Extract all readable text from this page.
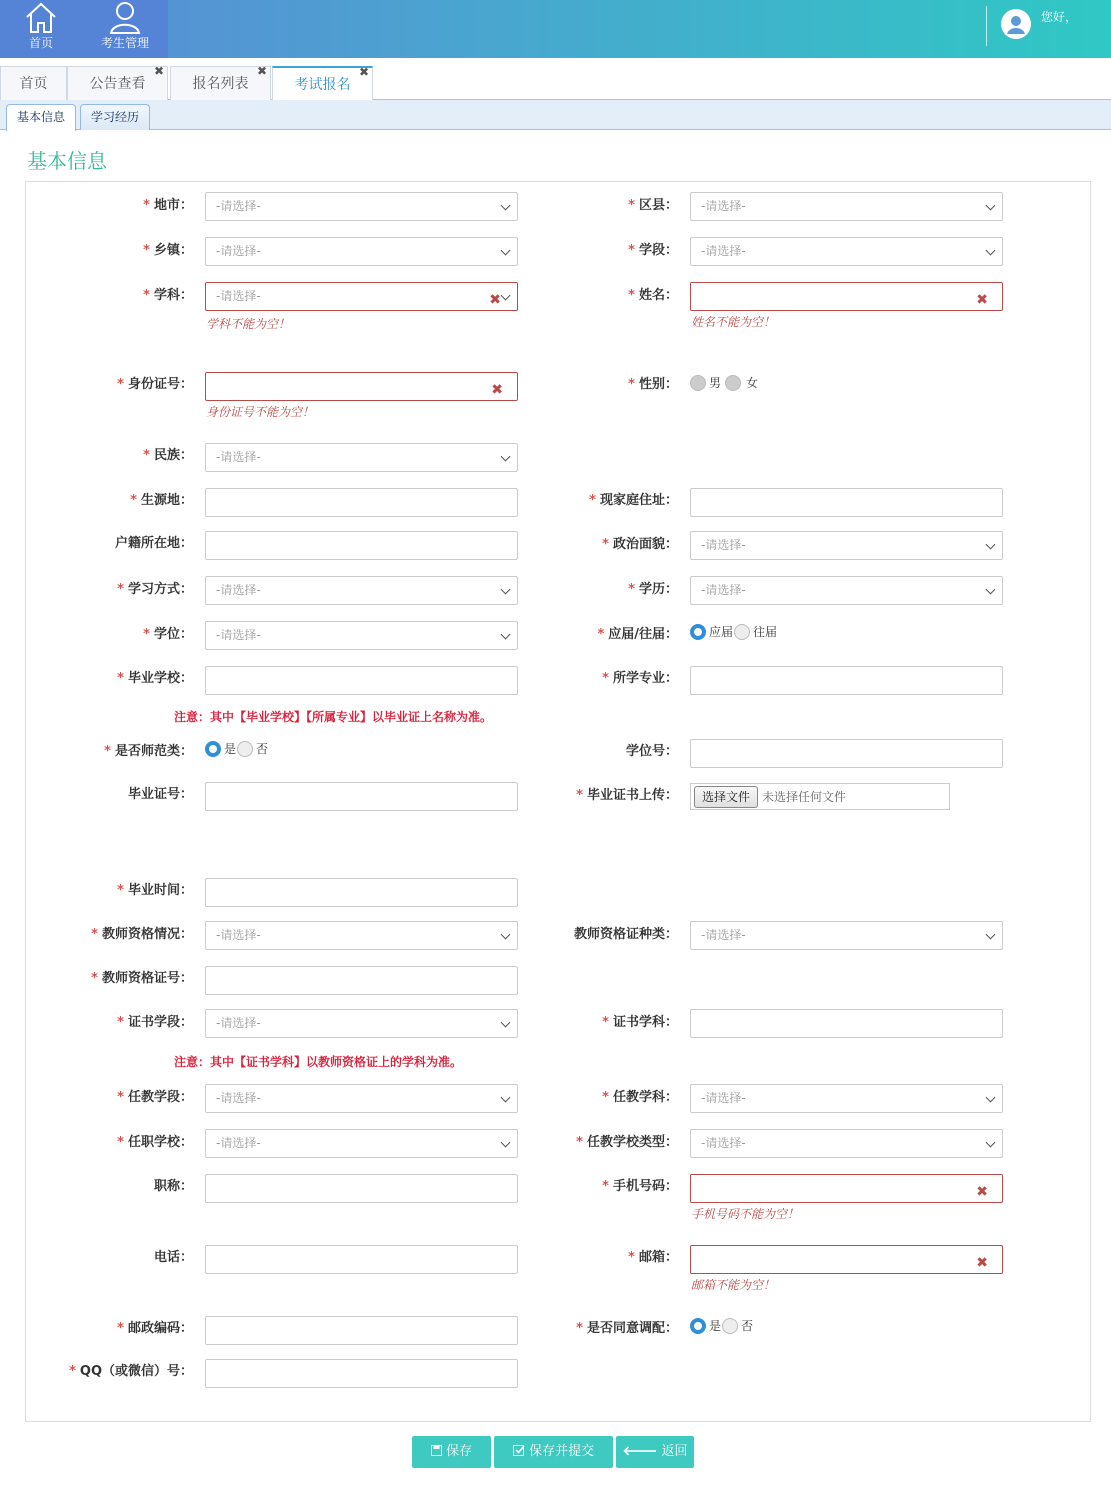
首页	考生管理
您好，
首页	公告查看
✖
报名列表
✖
考试报名
✖
基本信息	学习经历
基本信息
* 地市：	-请选择-	* 区县：	-请选择-
* 乡镇：	-请选择-	* 学段：	-请选择-
* 学科：	-请选择-	✖
学科不能为空！
* 姓名：	✖
姓名不能为空！
* 身份证号：	✖
身份证号不能为空！
* 性别：	男 女
* 民族：	-请选择-
* 生源地：	* 现家庭住址：
户籍所在地：	* 政治面貌：	-请选择-
* 学习方式：	-请选择-	* 学历：	-请选择-
* 学位：	-请选择-	* 应届/往届：	应届 往届
* 毕业学校：	* 所学专业：
注意：其中【毕业学校】【所属专业】以毕业证上名称为准。
* 是否师范类：	是 否	学位号：
毕业证号：	* 毕业证书上传：	选择文件	未选择任何文件
* 毕业时间：
* 教师资格情况：	-请选择-	教师资格证种类：	-请选择-
* 教师资格证号：
* 证书学段：	-请选择-	* 证书学科：
注意：其中【证书学科】以教师资格证上的学科为准。
* 任教学段：	-请选择-	* 任教学科：	-请选择-
* 任职学校：	-请选择-	* 任教学校类型：	-请选择-
职称：	* 手机号码：	✖
手机号码不能为空！
电话：	* 邮箱：	✖
邮箱不能为空！
* 邮政编码：	* 是否同意调配：	是 否
* QQ（或微信）号：
保存	保存并提交	🡐 返回
